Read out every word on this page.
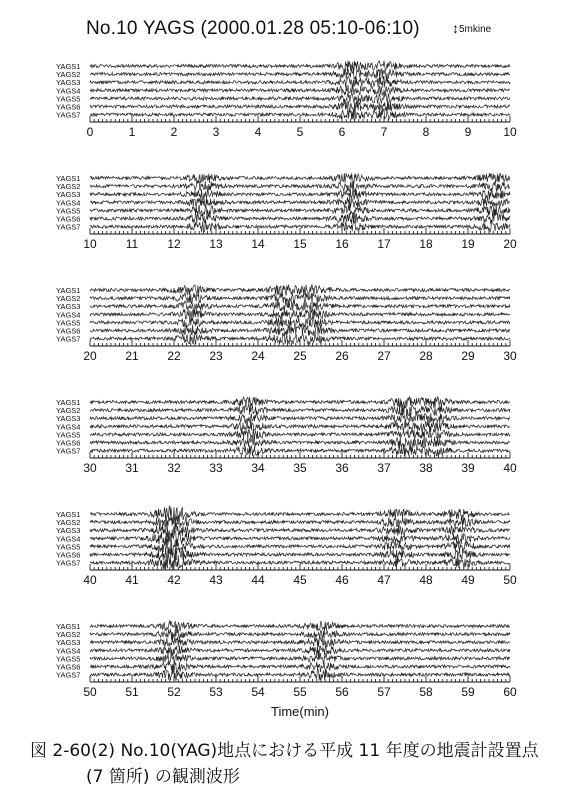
No.10 YAGS (2000.01.28 05:10-06:10) ↕5mkine
YAGS1
YAGS2
YAGS3
YAGS4
YAGS5
YAGS6
YAGS7
0	1	2	3	4	5	6	7	8	9	10
YAGS1
YAGS2
YAGS3
YAGS4
YAGS5
YAGS6
YAGS7
10 11 12 13 14 15 16 17 18 19 20
YAGS1
YAGS2
YAGS3
YAGS4
YAGS5
YAGS6
YAGS7
20 21 22 23 24 25 26 27 28 29 30
YAGS1
YAGS2
YAGS3
YAGS4
YAGS5
YAGS6
YAGS7
30 31 32 33 34 35 36 37 38 39 40
YAGS1
YAGS2
YAGS3
YAGS4
YAGS5
YAGS6
YAGS7
40 41 42 43 44 45 46 47 48 49 50
YAGS1
YAGS2
YAGS3
YAGS4
YAGS5
YAGS6
YAGS7
50 51 52 53 54 55 56 57 58 59 60
Time(min)
図 2-60(2) No.10(YAG)地点における平成 11 年度の地震計設置点
(7 箇所) の観測波形
